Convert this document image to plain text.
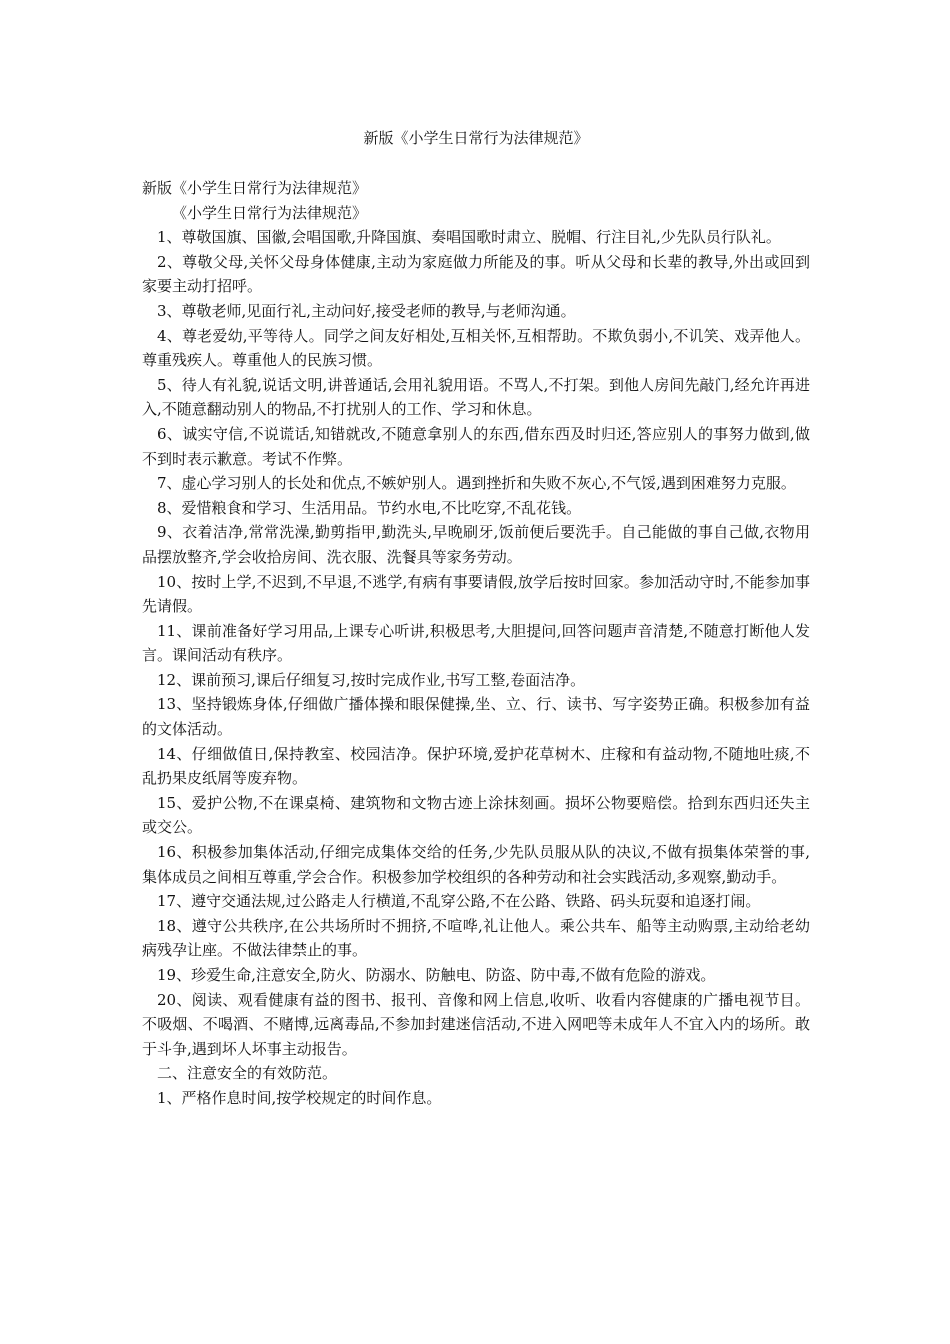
新版《小学生日常行为法律规范》

新版《小学生日常行为法律规范》

《小学生日常行为法律规范》

1、尊敬国旗、国徽,会唱国歌,升降国旗、奏唱国歌时肃立、脱帽、行注目礼,少先队员行队礼。

2、尊敬父母,关怀父母身体健康,主动为家庭做力所能及的事。听从父母和长辈的教导,外出或回到家要主动打招呼。

3、尊敬老师,见面行礼,主动问好,接受老师的教导,与老师沟通。

4、尊老爱幼,平等待人。同学之间友好相处,互相关怀,互相帮助。不欺负弱小,不讥笑、戏弄他人。尊重残疾人。尊重他人的民族习惯。

5、待人有礼貌,说话文明,讲普通话,会用礼貌用语。不骂人,不打架。到他人房间先敲门,经允许再进入,不随意翻动别人的物品,不打扰别人的工作、学习和休息。

6、诚实守信,不说谎话,知错就改,不随意拿别人的东西,借东西及时归还,答应别人的事努力做到,做不到时表示歉意。考试不作弊。

7、虚心学习别人的长处和优点,不嫉妒别人。遇到挫折和失败不灰心,不气馁,遇到困难努力克服。

8、爱惜粮食和学习、生活用品。节约水电,不比吃穿,不乱花钱。

9、衣着洁净,常常洗澡,勤剪指甲,勤洗头,早晚刷牙,饭前便后要洗手。自己能做的事自己做,衣物用品摆放整齐,学会收拾房间、洗衣服、洗餐具等家务劳动。

10、按时上学,不迟到,不早退,不逃学,有病有事要请假,放学后按时回家。参加活动守时,不能参加事先请假。

11、课前准备好学习用品,上课专心听讲,积极思考,大胆提问,回答问题声音清楚,不随意打断他人发言。课间活动有秩序。

12、课前预习,课后仔细复习,按时完成作业,书写工整,卷面洁净。

13、坚持锻炼身体,仔细做广播体操和眼保健操,坐、立、行、读书、写字姿势正确。积极参加有益的文体活动。

14、仔细做值日,保持教室、校园洁净。保护环境,爱护花草树木、庄稼和有益动物,不随地吐痰,不乱扔果皮纸屑等废弃物。

15、爱护公物,不在课桌椅、建筑物和文物古迹上涂抹刻画。损坏公物要赔偿。拾到东西归还失主或交公。

16、积极参加集体活动,仔细完成集体交给的任务,少先队员服从队的决议,不做有损集体荣誉的事,集体成员之间相互尊重,学会合作。积极参加学校组织的各种劳动和社会实践活动,多观察,勤动手。

17、遵守交通法规,过公路走人行横道,不乱穿公路,不在公路、铁路、码头玩耍和追逐打闹。

18、遵守公共秩序,在公共场所时不拥挤,不喧哗,礼让他人。乘公共车、船等主动购票,主动给老幼病残孕让座。不做法律禁止的事。

19、珍爱生命,注意安全,防火、防溺水、防触电、防盗、防中毒,不做有危险的游戏。

20、阅读、观看健康有益的图书、报刊、音像和网上信息,收听、收看内容健康的广播电视节目。不吸烟、不喝酒、不赌博,远离毒品,不参加封建迷信活动,不进入网吧等未成年人不宜入内的场所。敢于斗争,遇到坏人坏事主动报告。

二、注意安全的有效防范。

1、严格作息时间,按学校规定的时间作息。
